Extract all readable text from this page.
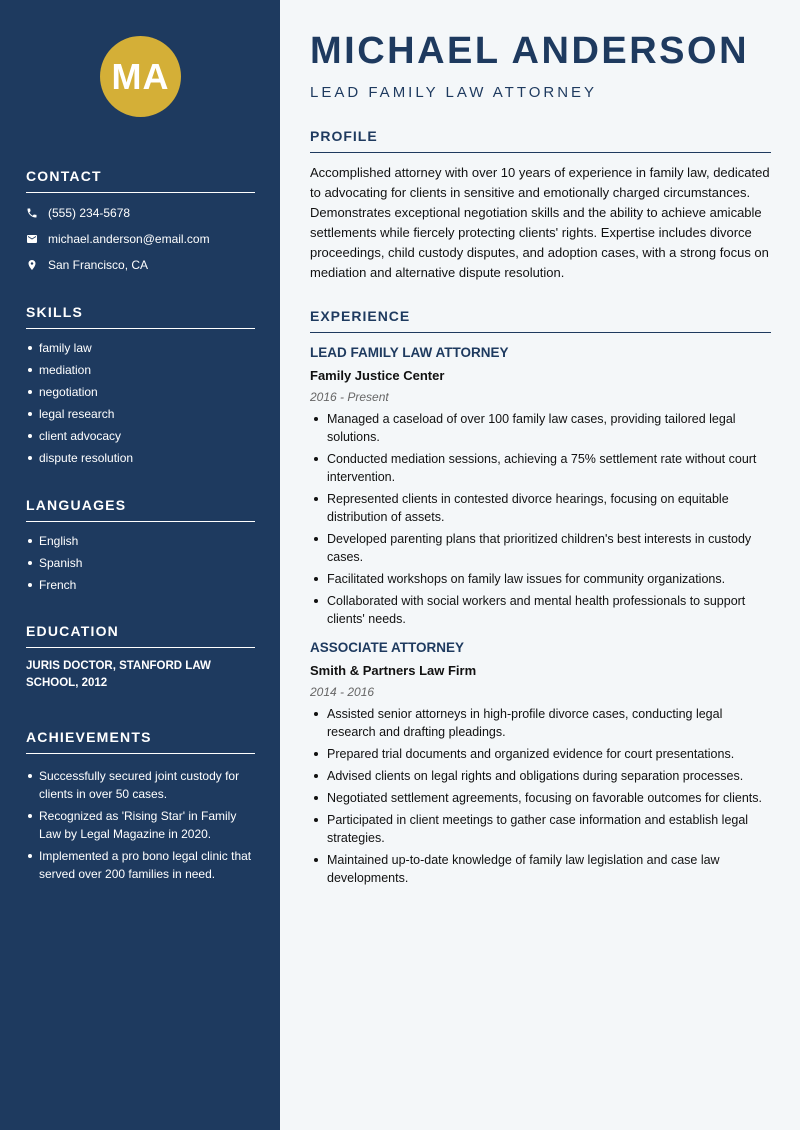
MA
CONTACT
(555) 234-5678
michael.anderson@email.com
San Francisco, CA
SKILLS
family law
mediation
negotiation
legal research
client advocacy
dispute resolution
LANGUAGES
English
Spanish
French
EDUCATION
JURIS DOCTOR, STANFORD LAW SCHOOL, 2012
ACHIEVEMENTS
Successfully secured joint custody for clients in over 50 cases.
Recognized as 'Rising Star' in Family Law by Legal Magazine in 2020.
Implemented a pro bono legal clinic that served over 200 families in need.
MICHAEL ANDERSON
LEAD FAMILY LAW ATTORNEY
PROFILE

Accomplished attorney with over 10 years of experience in family law, dedicated to advocating for clients in sensitive and emotionally charged circumstances. Demonstrates exceptional negotiation skills and the ability to achieve amicable settlements while fiercely protecting clients' rights. Expertise includes divorce proceedings, child custody disputes, and adoption cases, with a strong focus on mediation and alternative dispute resolution.

EXPERIENCE
LEAD FAMILY LAW ATTORNEY
Family Justice Center
2016 - Present
Managed a caseload of over 100 family law cases, providing tailored legal solutions.
Conducted mediation sessions, achieving a 75% settlement rate without court intervention.
Represented clients in contested divorce hearings, focusing on equitable distribution of assets.
Developed parenting plans that prioritized children's best interests in custody cases.
Facilitated workshops on family law issues for community organizations.
Collaborated with social workers and mental health professionals to support clients' needs.
ASSOCIATE ATTORNEY
Smith & Partners Law Firm
2014 - 2016
Assisted senior attorneys in high-profile divorce cases, conducting legal research and drafting pleadings.
Prepared trial documents and organized evidence for court presentations.
Advised clients on legal rights and obligations during separation processes.
Negotiated settlement agreements, focusing on favorable outcomes for clients.
Participated in client meetings to gather case information and establish legal strategies.
Maintained up-to-date knowledge of family law legislation and case law developments.
